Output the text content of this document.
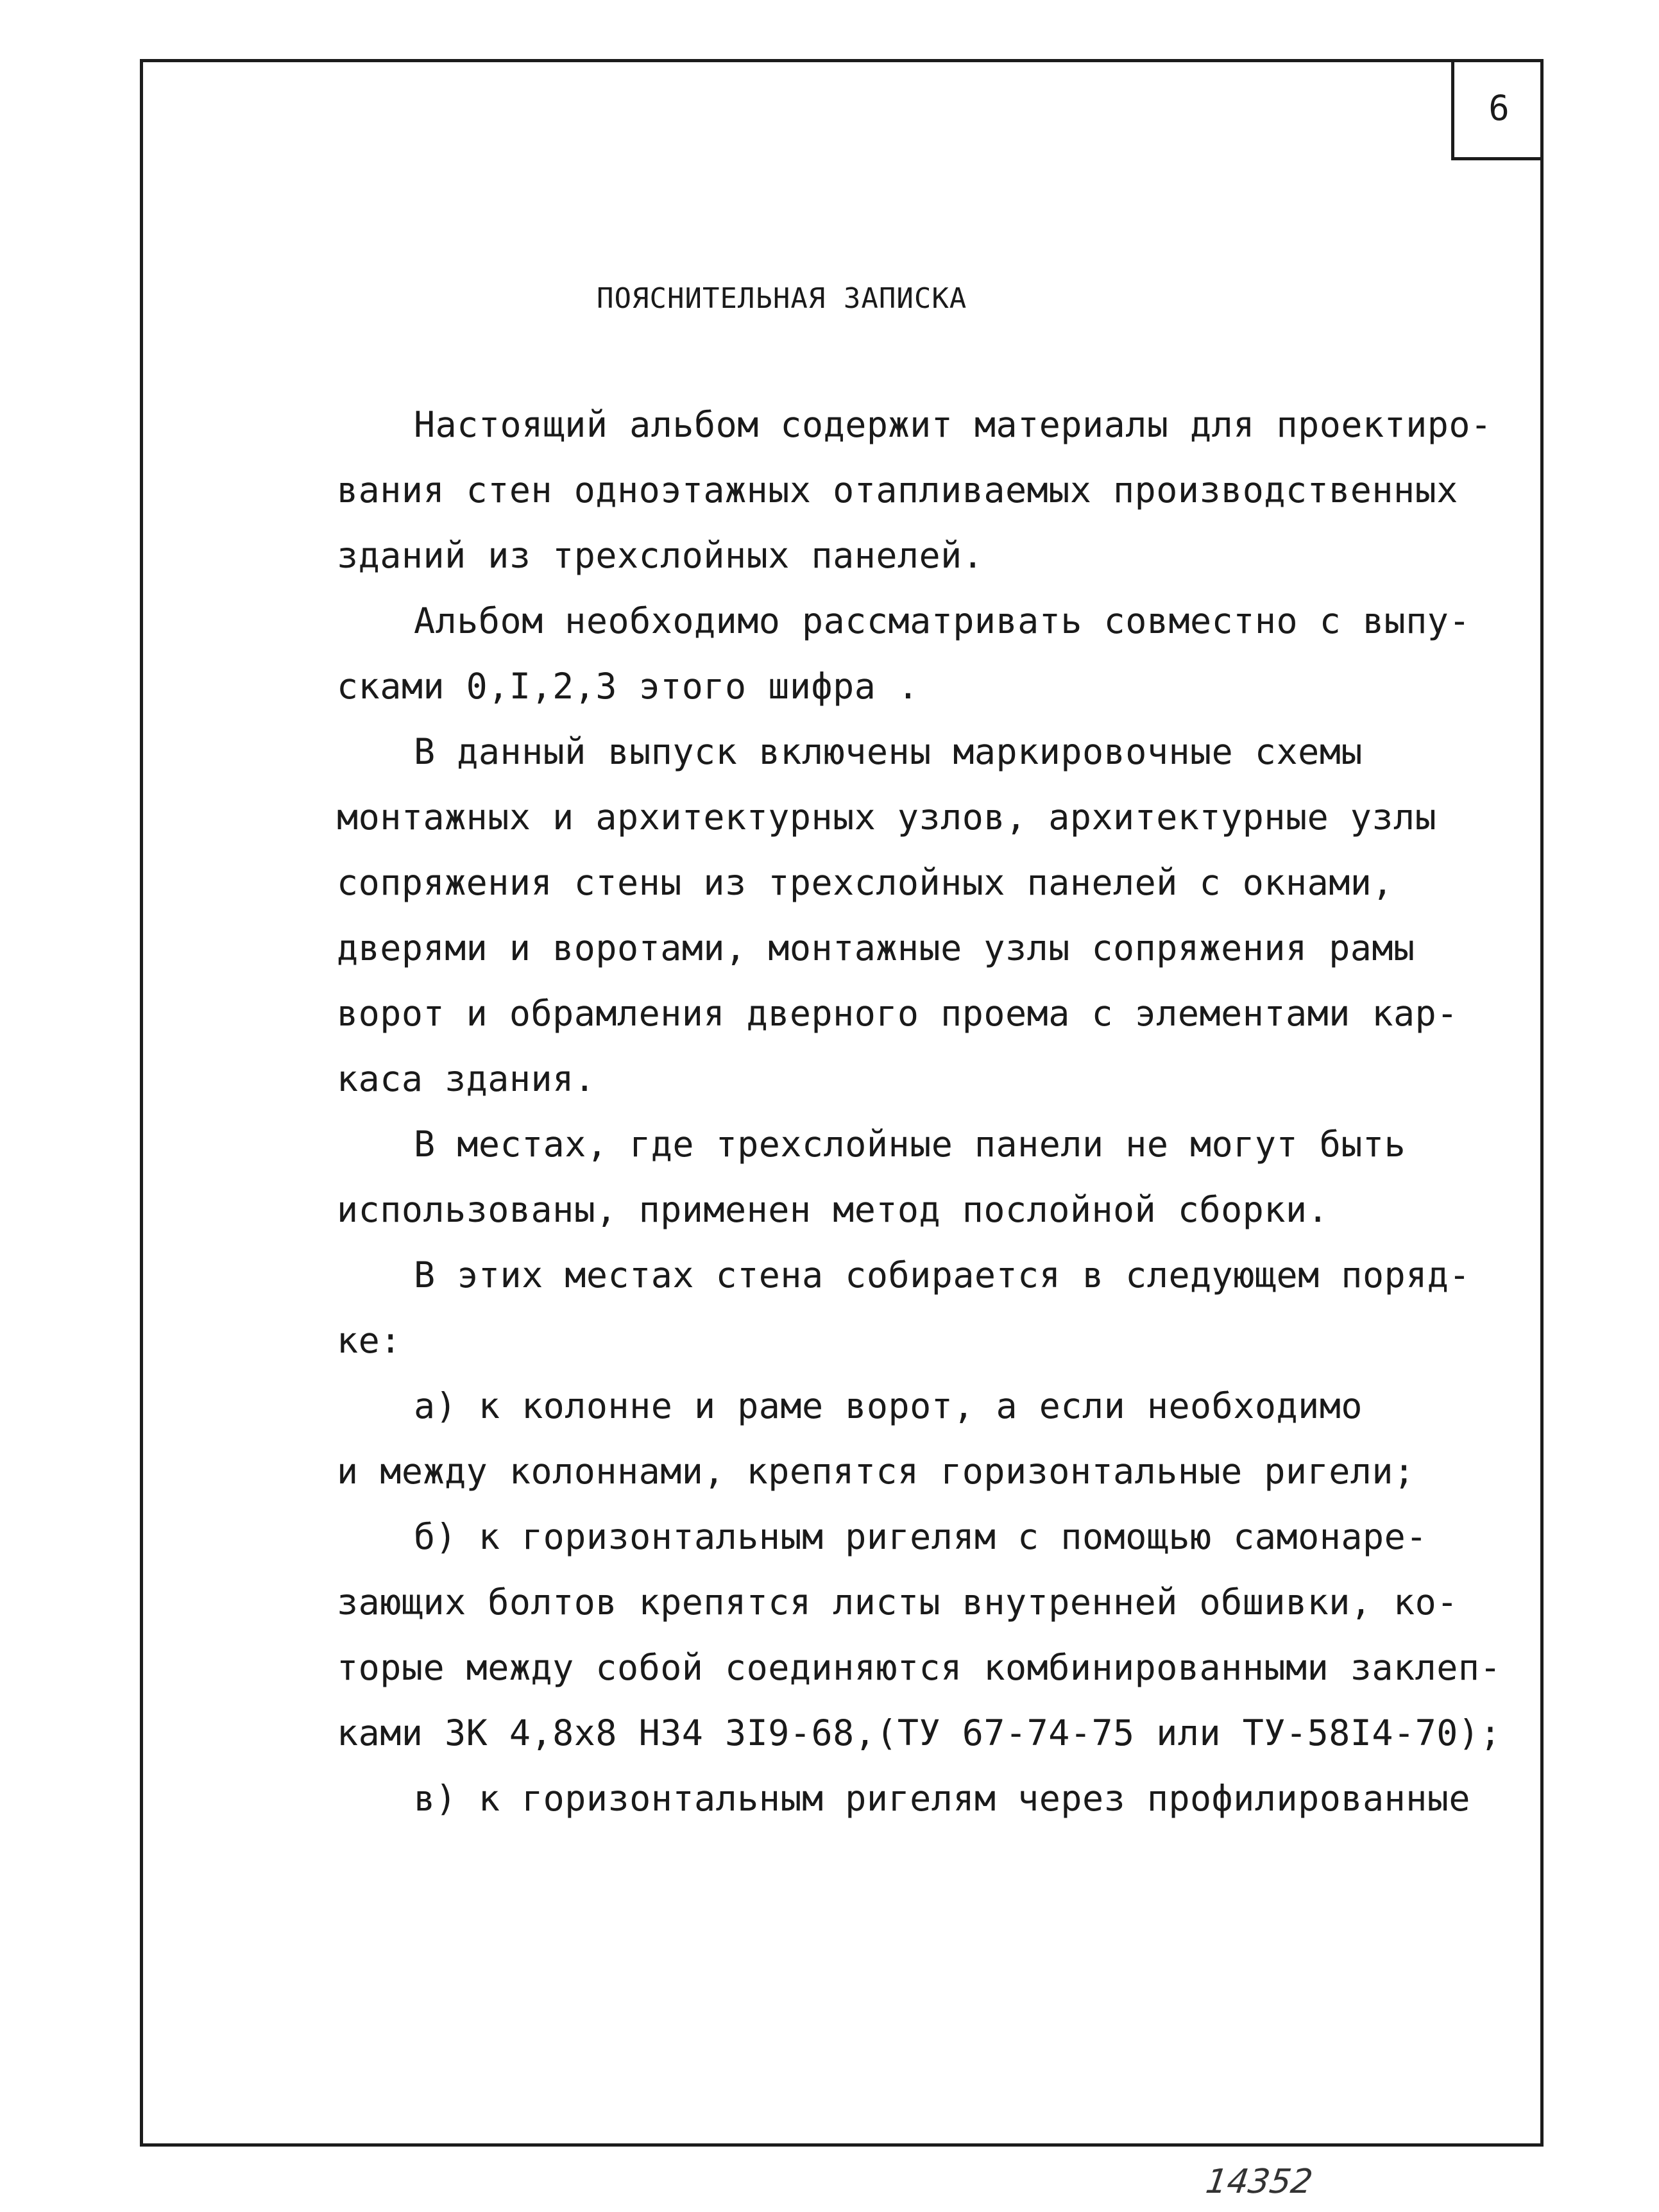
6
ПОЯСНИТЕЛЬНАЯ ЗАПИСКА
Настоящий альбом содержит материалы для проектиро-
вания стен одноэтажных отапливаемых производственных
зданий из трехслойных панелей.
Альбом необходимо рассматривать совместно с выпу-
сками 0,I,2,3 этого шифра .
В данный выпуск включены маркировочные схемы
монтажных и архитектурных узлов, архитектурные узлы
сопряжения стены из трехслойных панелей с окнами,
дверями и воротами, монтажные узлы сопряжения рамы
ворот и обрамления дверного проема с элементами кар-
каса здания.
В местах, где трехслойные панели не могут быть
использованы, применен метод послойной сборки.
В этих местах стена собирается в следующем поряд-
ке:
а) к колонне и раме ворот, а если необходимо
и между колоннами, крепятся горизонтальные ригели;
б) к горизонтальным ригелям с помощью самонаре-
зающих болтов крепятся листы внутренней обшивки, ко-
торые между собой соединяются комбинированными заклеп-
ками ЗК 4,8х8 Н34 3I9-68,(ТУ 67-74-75 или ТУ-58I4-70);
в) к горизонтальным ригелям через профилированные
14352
